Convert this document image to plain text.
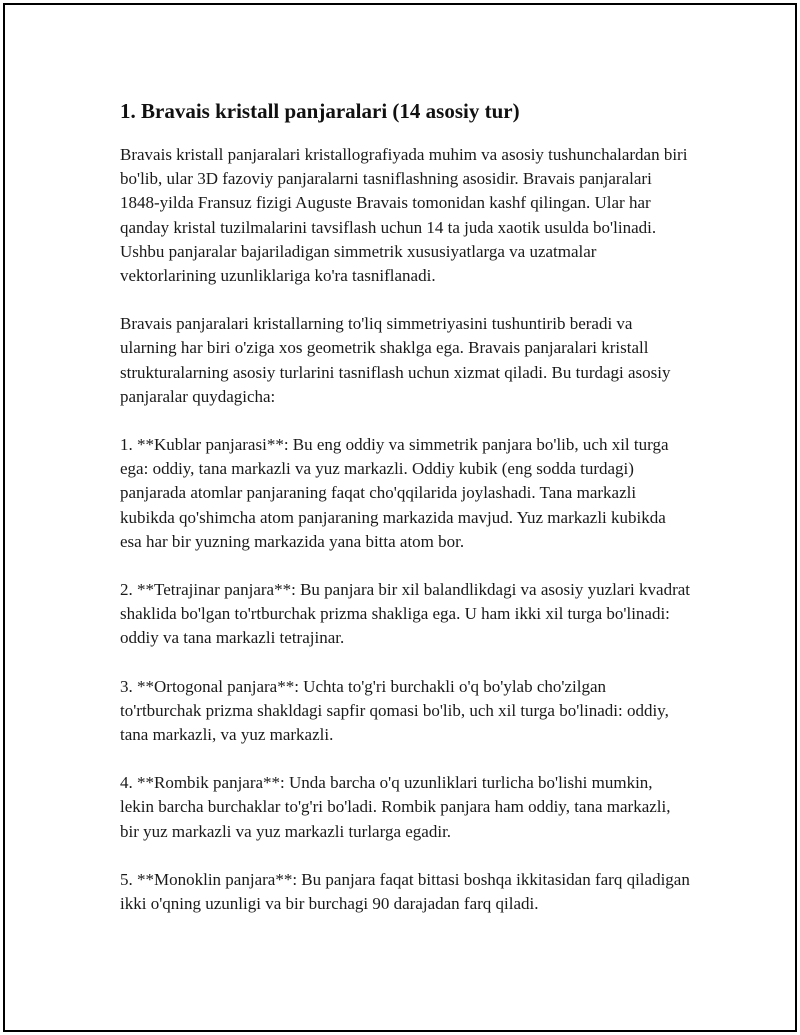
1. Bravais kristall panjaralari (14 asosiy tur)

Bravais kristall panjaralari kristallografiyada muhim va asosiy tushunchalardan biri bo'lib, ular 3D fazoviy panjaralarni tasniflashning asosidir. Bravais panjaralari 1848-yilda Fransuz fizigi Auguste Bravais tomonidan kashf qilingan. Ular har qanday kristal tuzilmalarini tavsiflash uchun 14 ta juda xaotik usulda bo'linadi. Ushbu panjaralar bajariladigan simmetrik xususiyatlarga va uzatmalar vektorlarining uzunliklariga ko'ra tasniflanadi.

Bravais panjaralari kristallarning to'liq simmetriyasini tushuntirib beradi va ularning har biri o'ziga xos geometrik shaklga ega. Bravais panjaralari kristall strukturalarning asosiy turlarini tasniflash uchun xizmat qiladi. Bu turdagi asosiy panjaralar quydagicha:

1. **Kublar panjarasi**: Bu eng oddiy va simmetrik panjara bo'lib, uch xil turga ega: oddiy, tana markazli va yuz markazli. Oddiy kubik (eng sodda turdagi) panjarada atomlar panjaraning faqat cho'qqilarida joylashadi. Tana markazli kubikda qo'shimcha atom panjaraning markazida mavjud. Yuz markazli kubikda esa har bir yuzning markazida yana bitta atom bor.

2. **Tetrajinar panjara**: Bu panjara bir xil balandlikdagi va asosiy yuzlari kvadrat shaklida bo'lgan to'rtburchak prizma shakliga ega. U ham ikki xil turga bo'linadi: oddiy va tana markazli tetrajinar.

3. **Ortogonal panjara**: Uchta to'g'ri burchakli o'q bo'ylab cho'zilgan to'rtburchak prizma shakldagi sapfir qomasi bo'lib, uch xil turga bo'linadi: oddiy, tana markazli, va yuz markazli.

4. **Rombik panjara**: Unda barcha o'q uzunliklari turlicha bo'lishi mumkin, lekin barcha burchaklar to'g'ri bo'ladi. Rombik panjara ham oddiy, tana markazli, bir yuz markazli va yuz markazli turlarga egadir.

5. **Monoklin panjara**: Bu panjara faqat bittasi boshqa ikkitasidan farq qiladigan ikki o'qning uzunligi va bir burchagi 90 darajadan farq qiladi.
